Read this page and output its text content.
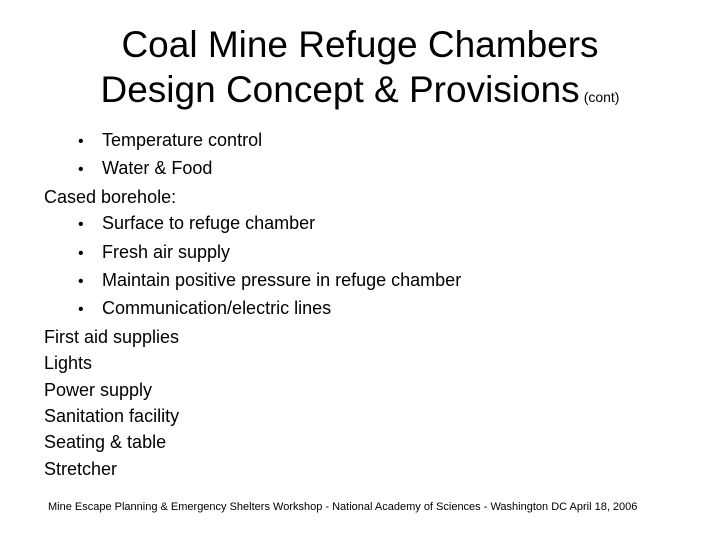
Coal Mine Refuge Chambers
Design Concept & Provisions (cont)
• Temperature control
• Water & Food
Cased borehole:
• Surface to refuge chamber
• Fresh air supply
• Maintain positive pressure in refuge chamber
• Communication/electric lines
First aid supplies
Lights
Power supply
Sanitation facility
Seating & table
Stretcher
Mine Escape Planning & Emergency Shelters Workshop - National Academy of Sciences - Washington DC April 18, 2006
